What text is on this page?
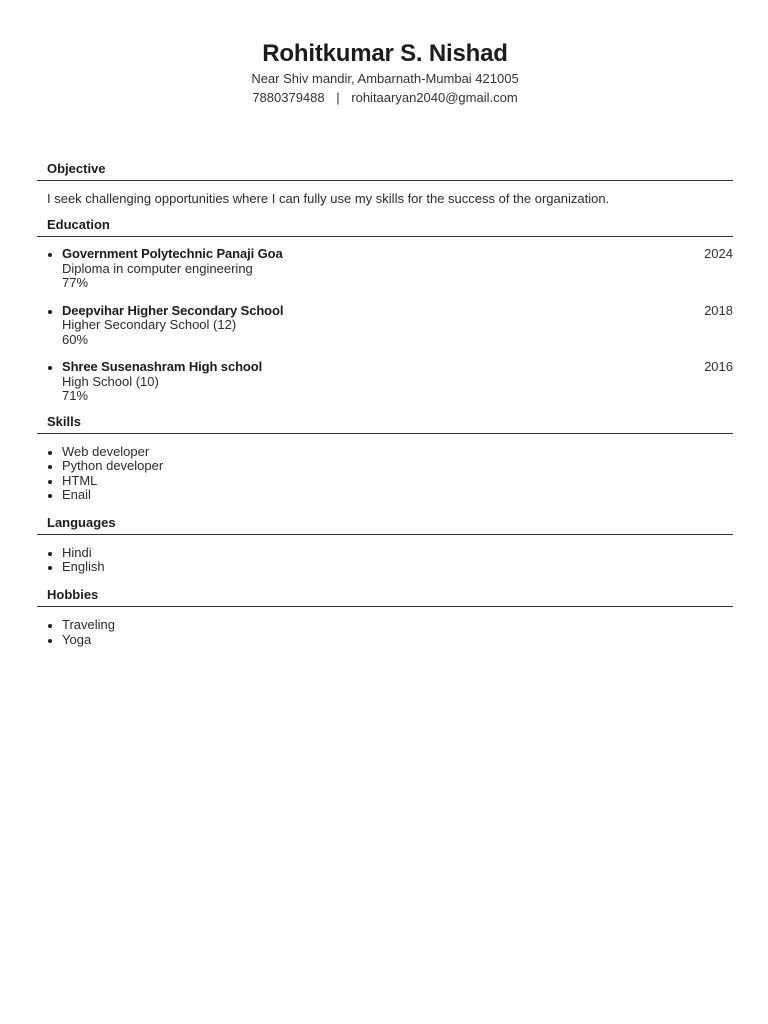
Rohitkumar S. Nishad
Near Shiv mandir, Ambarnath-Mumbai 421005
7880379488 | rohitaaryan2040@gmail.com
Objective
I seek challenging opportunities where I can fully use my skills for the success of the organization.
Education
Government Polytechnic Panaji Goa
Diploma in computer engineering
77%
2024
Deepvihar Higher Secondary School
Higher Secondary School (12)
60%
2018
Shree Susenashram High school
High School (10)
71%
2016
Skills
Web developer
Python developer
HTML
Enail
Languages
Hindi
English
Hobbies
Traveling
Yoga
